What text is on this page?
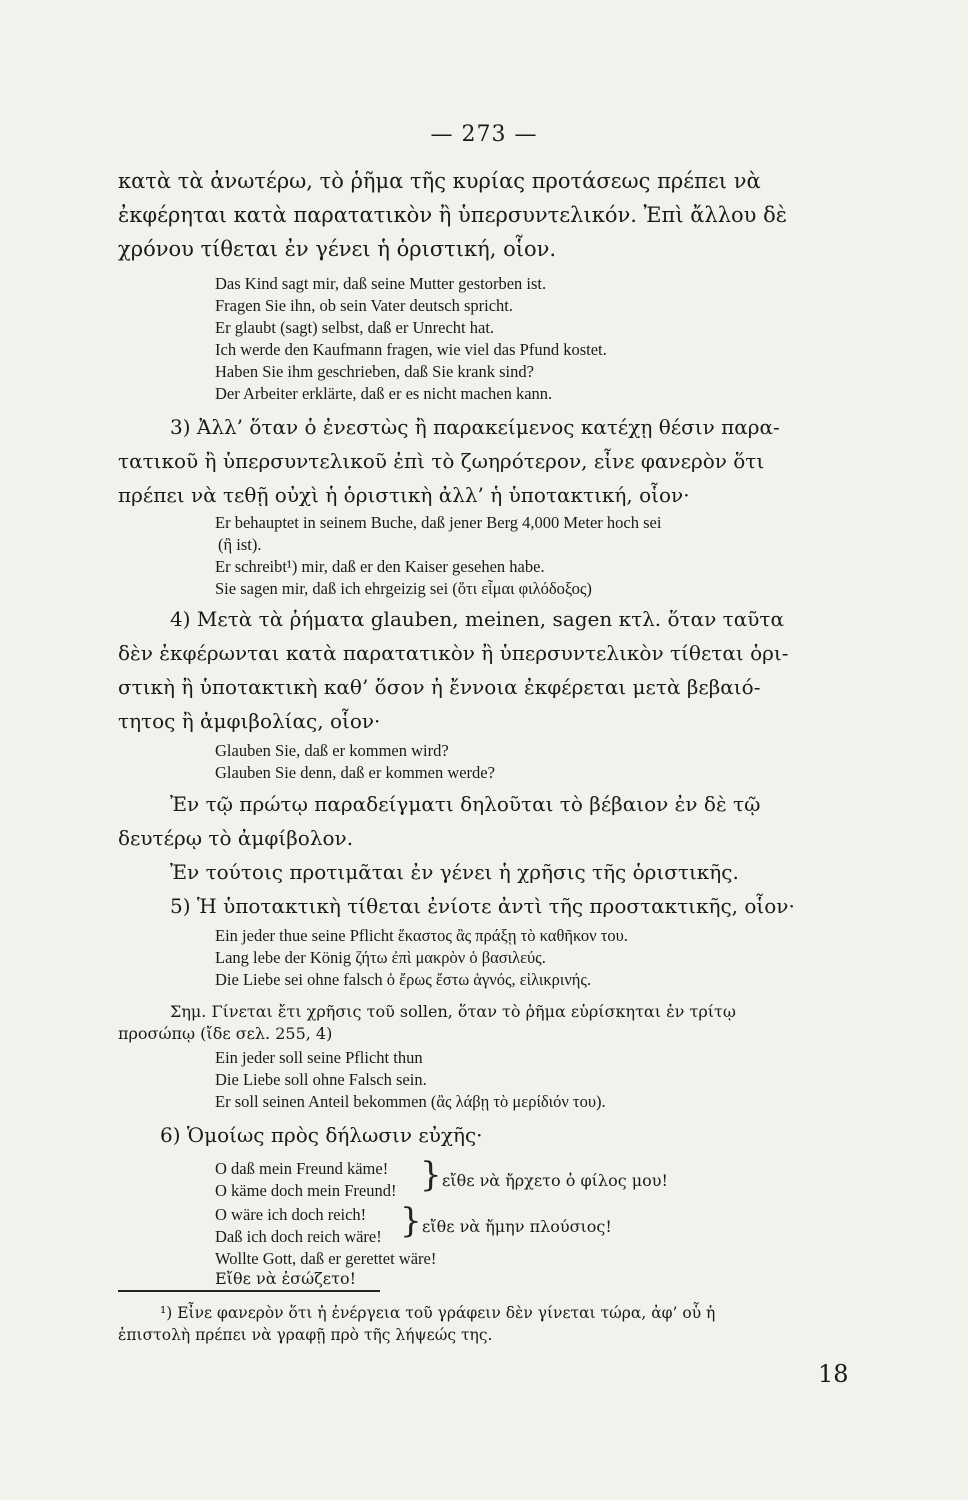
— 273 —
κατὰ τὰ ἀνωτέρω, τὸ ῥῆμα τῆς κυρίας προτάσεως πρέπει νὰ
ἐκφέρηται κατὰ παρατατικὸν ἢ ὑπερσυντελικόν. Ἐπὶ ἄλλου δὲ
χρόνου τίθεται ἐν γένει ἡ ὁριστική, οἷον.
Das Kind sagt mir, daß seine Mutter gestorben ist.
Fragen Sie ihn, ob sein Vater deutsch spricht.
Er glaubt (sagt) selbst, daß er Unrecht hat.
Ich werde den Kaufmann fragen, wie viel das Pfund kostet.
Haben Sie ihm geschrieben, daß Sie krank sind?
Der Arbeiter erklärte, daß er es nicht machen kann.
3) Ἀλλ’ ὅταν ὁ ἐνεστὼς ἢ παρακείμενος κατέχῃ θέσιν παρα-
τατικοῦ ἢ ὑπερσυντελικοῦ ἐπὶ τὸ ζωηρότερον, εἶνε φανερὸν ὅτι
πρέπει νὰ τεθῇ οὐχὶ ἡ ὁριστικὴ ἀλλ’ ἡ ὑποτακτική, οἷον·
Er behauptet in seinem Buche, daß jener Berg 4,000 Meter hoch sei
(ἢ ist).
Er schreibt¹) mir, daß er den Kaiser gesehen habe.
Sie sagen mir, daß ich ehrgeizig sei (ὅτι εἶμαι φιλόδοξος)
4) Μετὰ τὰ ῥήματα glauben, meinen, sagen κτλ. ὅταν ταῦτα
δὲν ἐκφέρωνται κατὰ παρατατικὸν ἢ ὑπερσυντελικὸν τίθεται ὁρι-
στικὴ ἢ ὑποτακτικὴ καθ’ ὅσον ἡ ἔννοια ἐκφέρεται μετὰ βεβαιό-
τητος ἢ ἀμφιβολίας, οἷον·
Glauben Sie, daß er kommen wird?
Glauben Sie denn, daß er kommen werde?
Ἐν τῷ πρώτῳ παραδείγματι δηλοῦται τὸ βέβαιον ἐν δὲ τῷ
δευτέρῳ τὸ ἀμφίβολον.
Ἐν τούτοις προτιμᾶται ἐν γένει ἡ χρῆσις τῆς ὁριστικῆς.
5) Ἡ ὑποτακτικὴ τίθεται ἐνίοτε ἀντὶ τῆς προστακτικῆς, οἷον·
Ein jeder thue seine Pflicht ἕκαστος ἂς πράξῃ τὸ καθῆκον του.
Lang lebe der König ζήτω ἐπὶ μακρὸν ὁ βασιλεύς.
Die Liebe sei ohne falsch ὁ ἔρως ἔστω ἁγνός, εἰλικρινής.
Σημ. Γίνεται ἔτι χρῆσις τοῦ sollen, ὅταν τὸ ῥῆμα εὑρίσκηται ἐν τρίτῳ
προσώπῳ (ἴδε σελ. 255, 4)
Ein jeder soll seine Pflicht thun
Die Liebe soll ohne Falsch sein.
Er soll seinen Anteil bekommen (ἂς λάβῃ τὸ μερίδιόν του).
6) Ὁμοίως πρὸς δήλωσιν εὐχῆς·
O daß mein Freund käme!
O käme doch mein Freund! } εἴθε νὰ ἤρχετο ὁ φίλος μου!
O wäre ich doch reich!
Daß ich doch reich wäre! } εἴθε νὰ ἤμην πλούσιος!
Wollte Gott, daß er gerettet wäre!
Εἴθε νὰ ἐσώζετο!
¹) Εἶνε φανερὸν ὅτι ἡ ἐνέργεια τοῦ γράφειν δὲν γίνεται τώρα, ἀφ’ οὗ ἡ
ἐπιστολὴ πρέπει νὰ γραφῇ πρὸ τῆς λήψεώς της.
18
